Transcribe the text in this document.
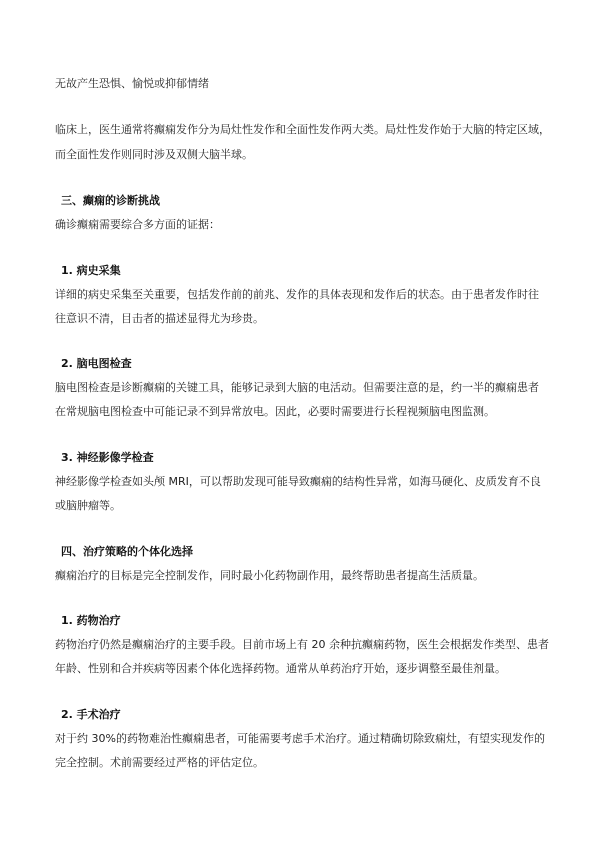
无故产生恐惧、愉悦或抑郁情绪
临床上，医生通常将癫痫发作分为局灶性发作和全面性发作两大类。局灶性发作始于大脑的特定区域，
而全面性发作则同时涉及双侧大脑半球。
三、癫痫的诊断挑战
确诊癫痫需要综合多方面的证据：
1. 病史采集
详细的病史采集至关重要，包括发作前的前兆、发作的具体表现和发作后的状态。由于患者发作时往
往意识不清，目击者的描述显得尤为珍贵。
2. 脑电图检查
脑电图检查是诊断癫痫的关键工具，能够记录到大脑的电活动。但需要注意的是，约一半的癫痫患者
在常规脑电图检查中可能记录不到异常放电。因此，必要时需要进行长程视频脑电图监测。
3. 神经影像学检查
神经影像学检查如头颅 MRI，可以帮助发现可能导致癫痫的结构性异常，如海马硬化、皮质发育不良
或脑肿瘤等。
四、治疗策略的个体化选择
癫痫治疗的目标是完全控制发作，同时最小化药物副作用，最终帮助患者提高生活质量。
1. 药物治疗
药物治疗仍然是癫痫治疗的主要手段。目前市场上有 20 余种抗癫痫药物，医生会根据发作类型、患者
年龄、性别和合并疾病等因素个体化选择药物。通常从单药治疗开始，逐步调整至最佳剂量。
2. 手术治疗
对于约 30%的药物难治性癫痫患者，可能需要考虑手术治疗。通过精确切除致痫灶，有望实现发作的
完全控制。术前需要经过严格的评估定位。
